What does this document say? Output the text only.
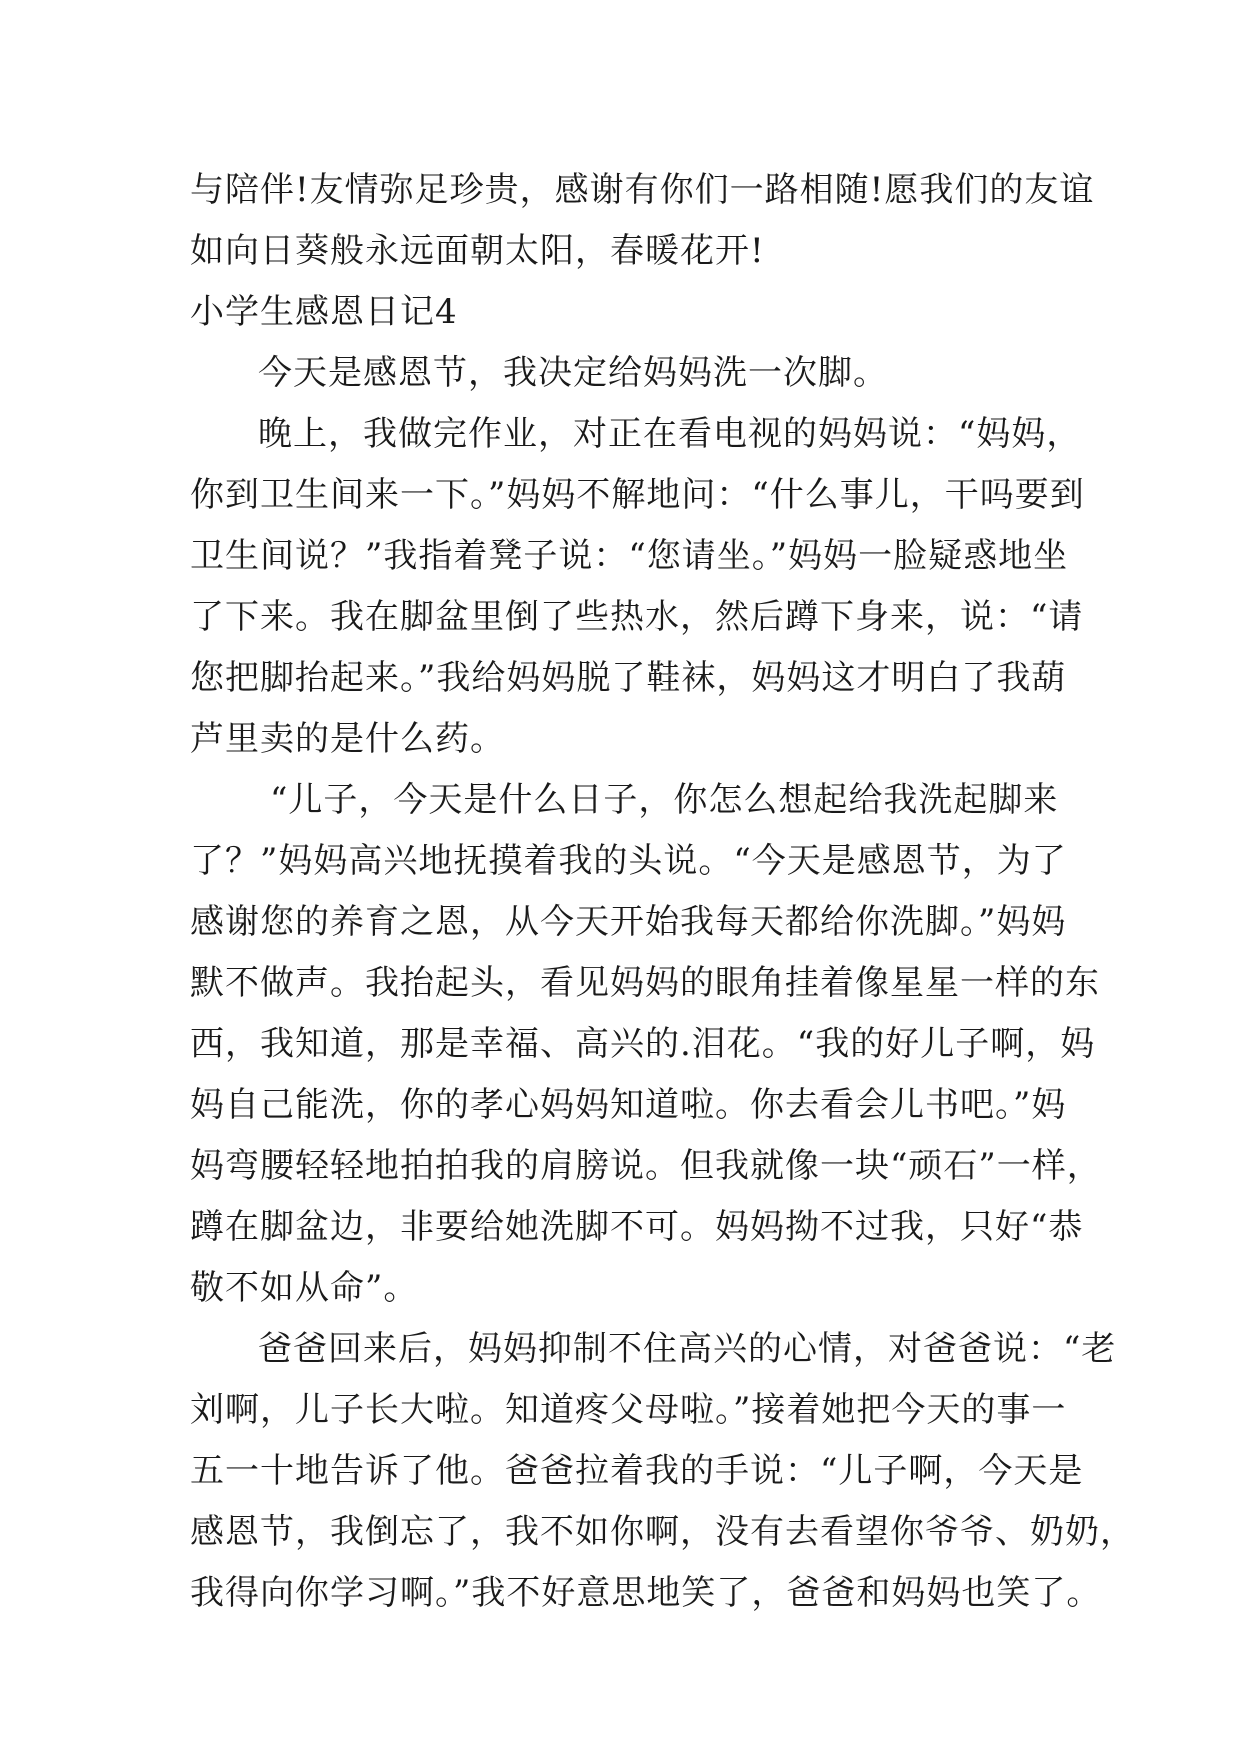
与陪伴!友情弥足珍贵，感谢有你们一路相随!愿我们的友谊
如向日葵般永远面朝太阳，春暖花开!
小学生感恩日记4
今天是感恩节，我决定给妈妈洗一次脚。
晚上，我做完作业，对正在看电视的妈妈说：“妈妈，
你到卫生间来一下。”妈妈不解地问：“什么事儿，干吗要到
卫生间说？”我指着凳子说：“您请坐。”妈妈一脸疑惑地坐
了下来。我在脚盆里倒了些热水，然后蹲下身来，说：“请
您把脚抬起来。”我给妈妈脱了鞋袜，妈妈这才明白了我葫
芦里卖的是什么药。
“儿子，今天是什么日子，你怎么想起给我洗起脚来
了？”妈妈高兴地抚摸着我的头说。“今天是感恩节，为了
感谢您的养育之恩，从今天开始我每天都给你洗脚。”妈妈
默不做声。我抬起头，看见妈妈的眼角挂着像星星一样的东
西，我知道，那是幸福、高兴的.泪花。“我的好儿子啊，妈
妈自己能洗，你的孝心妈妈知道啦。你去看会儿书吧。”妈
妈弯腰轻轻地拍拍我的肩膀说。但我就像一块“顽石”一样，
蹲在脚盆边，非要给她洗脚不可。妈妈拗不过我，只好“恭
敬不如从命”。
爸爸回来后，妈妈抑制不住高兴的心情，对爸爸说：“老
刘啊，儿子长大啦。知道疼父母啦。”接着她把今天的事一
五一十地告诉了他。爸爸拉着我的手说：“儿子啊，今天是
感恩节，我倒忘了，我不如你啊，没有去看望你爷爷、奶奶，
我得向你学习啊。”我不好意思地笑了，爸爸和妈妈也笑了。
